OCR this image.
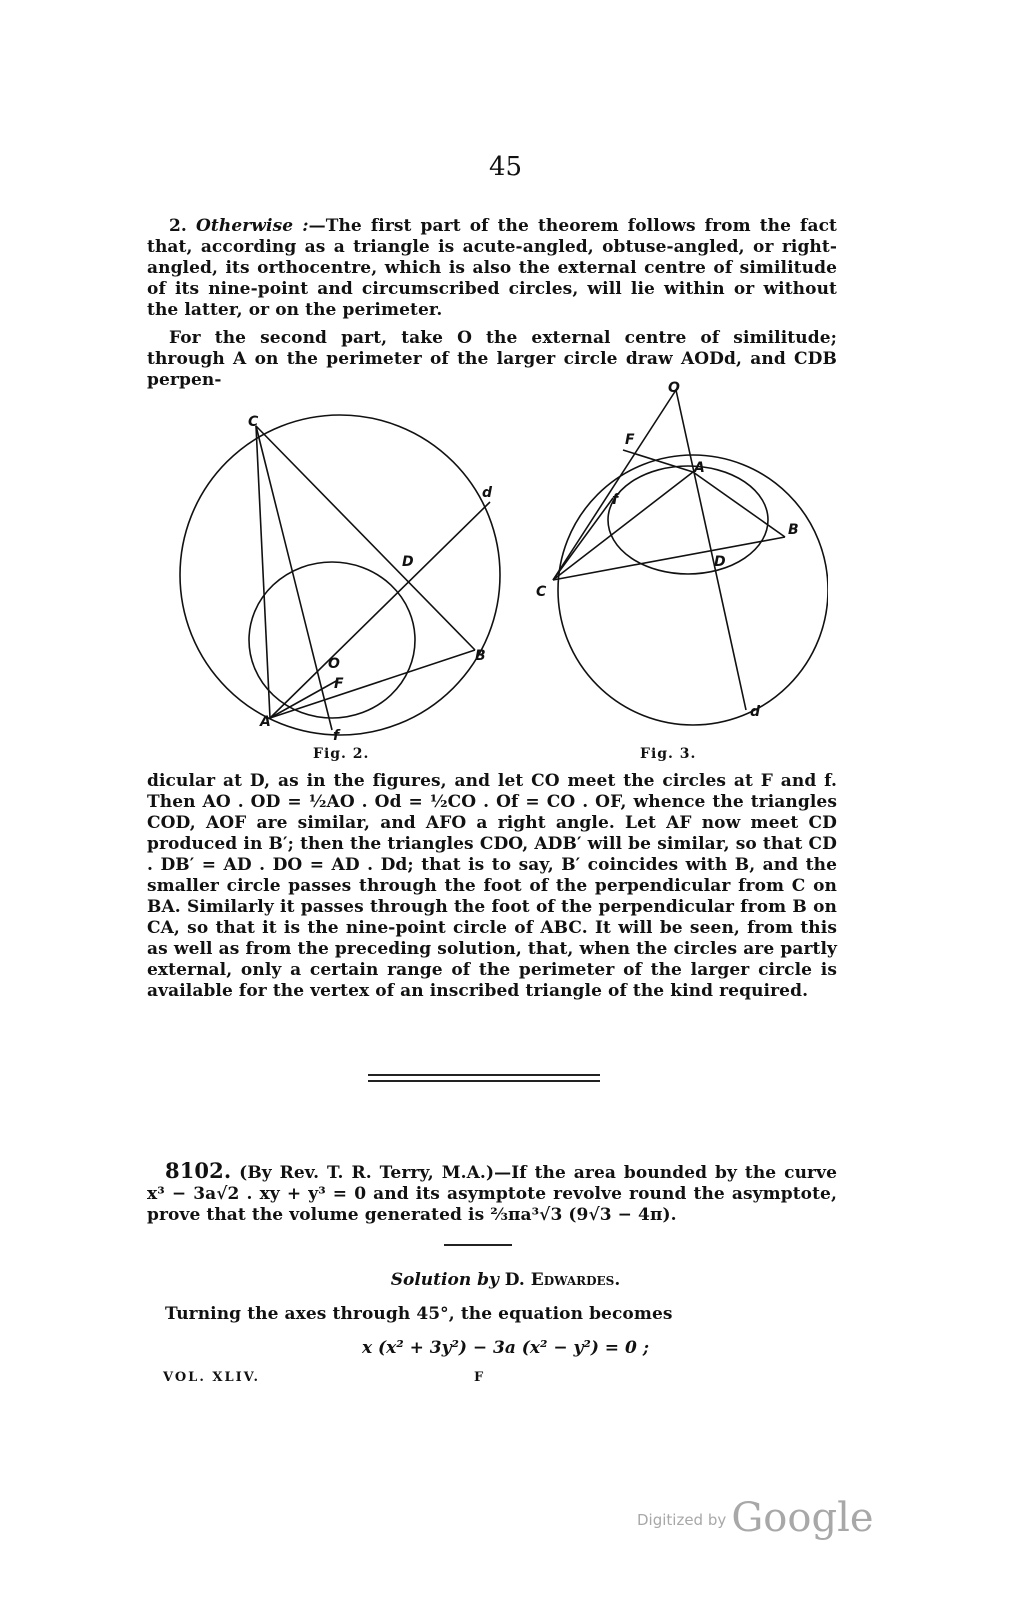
45
2. Otherwise :—The first part of the theorem follows from the fact that, according as a triangle is acute-angled, obtuse-angled, or right-angled, its orthocentre, which is also the external centre of similitude of its nine-point and circumscribed circles, will lie within or without the latter, or on the perimeter.
For the second part, take O the external centre of similitude; through A on the perimeter of the larger circle draw AODd, and CDB perpen-
C
d
D
O
F
B
A
f
Fig. 2.
O
F
A
f
B
D
C
d
Fig. 3.
dicular at D, as in the figures, and let CO meet the circles at F and f. Then AO . OD = ½AO . Od = ½CO . Of = CO . OF, whence the triangles COD, AOF are similar, and AFO a right angle. Let AF now meet CD produced in B′; then the triangles CDO, ADB′ will be similar, so that CD . DB′ = AD . DO = AD . Dd; that is to say, B′ coincides with B, and the smaller circle passes through the foot of the perpendicular from C on BA. Similarly it passes through the foot of the perpendicular from B on CA, so that it is the nine-point circle of ABC. It will be seen, from this as well as from the preceding solution, that, when the circles are partly external, only a certain range of the perimeter of the larger circle is available for the vertex of an inscribed triangle of the kind required.
8102. (By Rev. T. R. Terry, M.A.)—If the area bounded by the curve x³ − 3a√2 . xy + y³ = 0 and its asymptote revolve round the asymptote, prove that the volume generated is ⅔πa³√3 (9√3 − 4π).
Solution by D. Edwardes.
Turning the axes through 45°, the equation becomes
x (x² + 3y²) − 3a (x² − y²) = 0 ;
VOL. XLIV.	F
Digitized by Google
